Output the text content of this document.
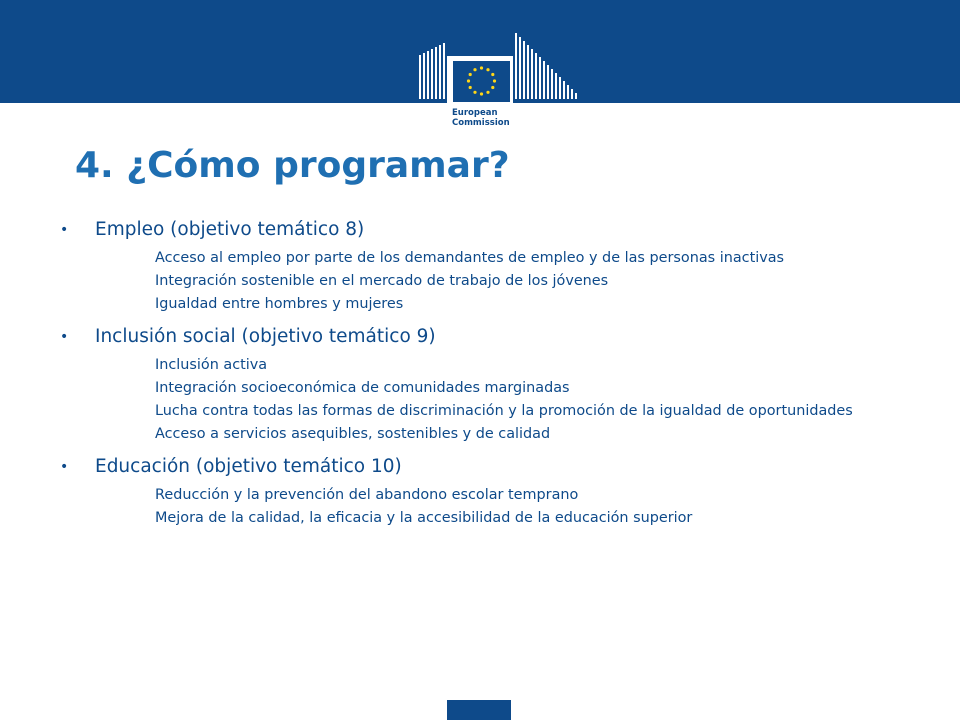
European
Commission
4. ¿Cómo programar?
• Empleo (objetivo temático 8)
Acceso al empleo por parte de los demandantes de empleo y de las personas inactivas
Integración sostenible en el mercado de trabajo de los jóvenes
Igualdad entre hombres y mujeres
• Inclusión social (objetivo temático 9)
Inclusión activa
Integración socioeconómica de comunidades marginadas
Lucha contra todas las formas de discriminación y la promoción de la igualdad de oportunidades
Acceso a servicios asequibles, sostenibles y de calidad
• Educación (objetivo temático 10)
Reducción y la prevención del abandono escolar temprano
Mejora de la calidad, la eficacia y la accesibilidad de la educación superior
